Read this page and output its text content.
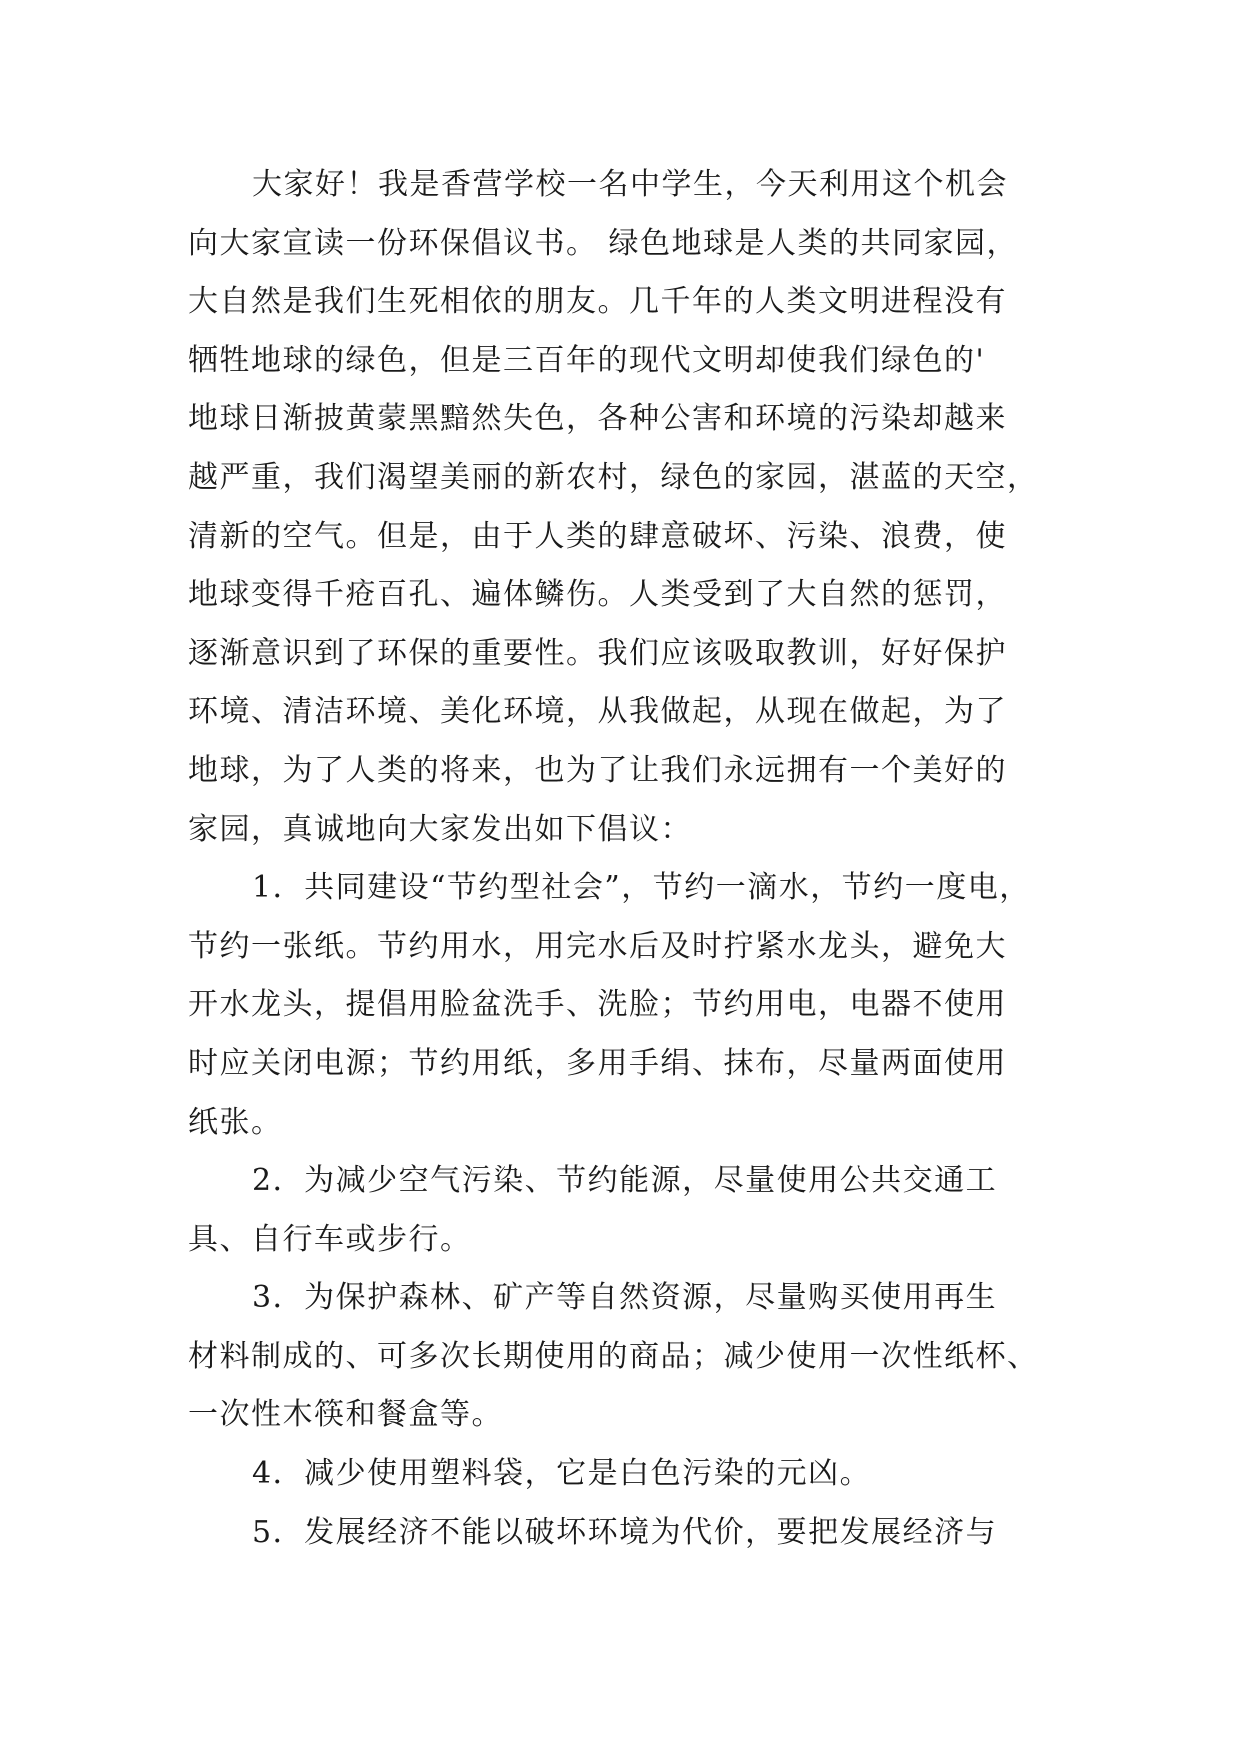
大家好！我是香营学校一名中学生，今天利用这个机会
向大家宣读一份环保倡议书。 绿色地球是人类的共同家园，
大自然是我们生死相依的朋友。几千年的人类文明进程没有
牺牲地球的绿色，但是三百年的现代文明却使我们绿色的'
地球日渐披黄蒙黑黯然失色，各种公害和环境的污染却越来
越严重，我们渴望美丽的新农村，绿色的家园，湛蓝的天空，
清新的空气。但是，由于人类的肆意破坏、污染、浪费，使
地球变得千疮百孔、遍体鳞伤。人类受到了大自然的惩罚，
逐渐意识到了环保的重要性。我们应该吸取教训，好好保护
环境、清洁环境、美化环境，从我做起，从现在做起，为了
地球，为了人类的将来，也为了让我们永远拥有一个美好的
家园，真诚地向大家发出如下倡议：

1．共同建设“节约型社会”，节约一滴水，节约一度电，
节约一张纸。节约用水，用完水后及时拧紧水龙头，避免大
开水龙头，提倡用脸盆洗手、洗脸；节约用电，电器不使用
时应关闭电源；节约用纸，多用手绢、抹布，尽量两面使用
纸张。

2．为减少空气污染、节约能源，尽量使用公共交通工
具、自行车或步行。

3．为保护森林、矿产等自然资源，尽量购买使用再生
材料制成的、可多次长期使用的商品；减少使用一次性纸杯、
一次性木筷和餐盒等。

4．减少使用塑料袋，它是白色污染的元凶。

5．发展经济不能以破坏环境为代价，要把发展经济与
